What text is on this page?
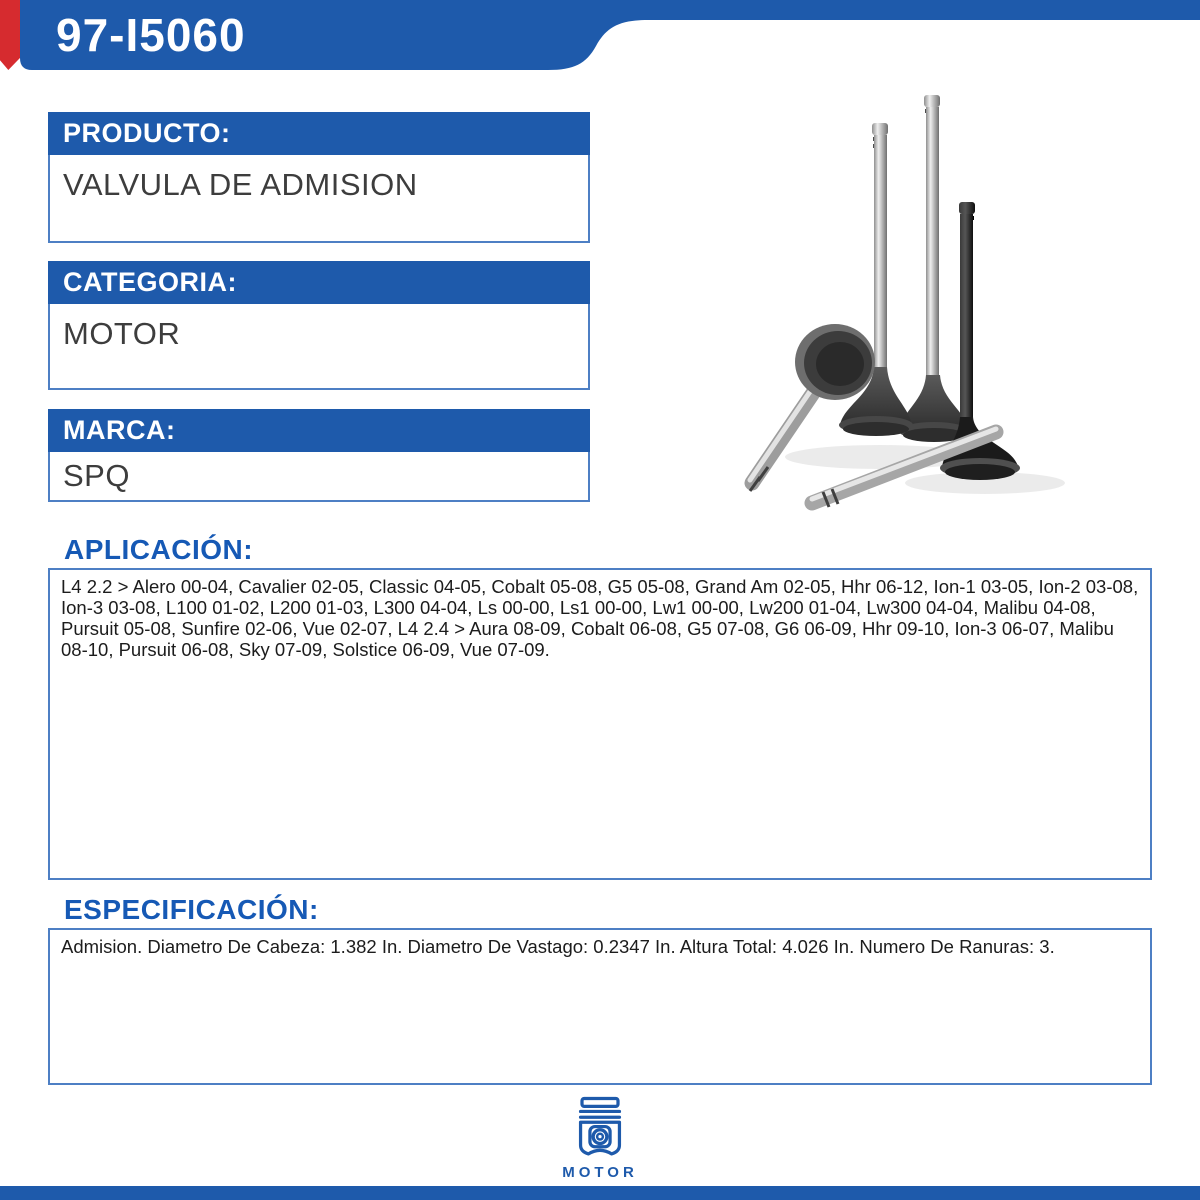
97-I5060
PRODUCTO:
VALVULA DE ADMISION
CATEGORIA:
MOTOR
MARCA:
SPQ
APLICACIÓN:

L4 2.2 > Alero 00-04, Cavalier 02-05, Classic 04-05, Cobalt 05-08, G5 05-08, Grand Am 02-05, Hhr 06-12, Ion-1 03-05, Ion-2 03-08, Ion-3 03-08, L100 01-02, L200 01-03, L300 04-04, Ls 00-00, Ls1 00-00, Lw1 00-00, Lw200 01-04, Lw300 04-04, Malibu 04-08, Pursuit 05-08, Sunfire 02-06, Vue 02-07, L4 2.4 > Aura 08-09, Cobalt 06-08, G5 07-08, G6 06-09, Hhr 09-10, Ion-3 06-07, Malibu 08-10, Pursuit 06-08, Sky 07-09, Solstice 06-09, Vue 07-09.

ESPECIFICACIÓN:

Admision. Diametro De Cabeza: 1.382 In. Diametro De Vastago: 0.2347 In. Altura Total: 4.026 In. Numero De Ranuras: 3.

MOTOR
